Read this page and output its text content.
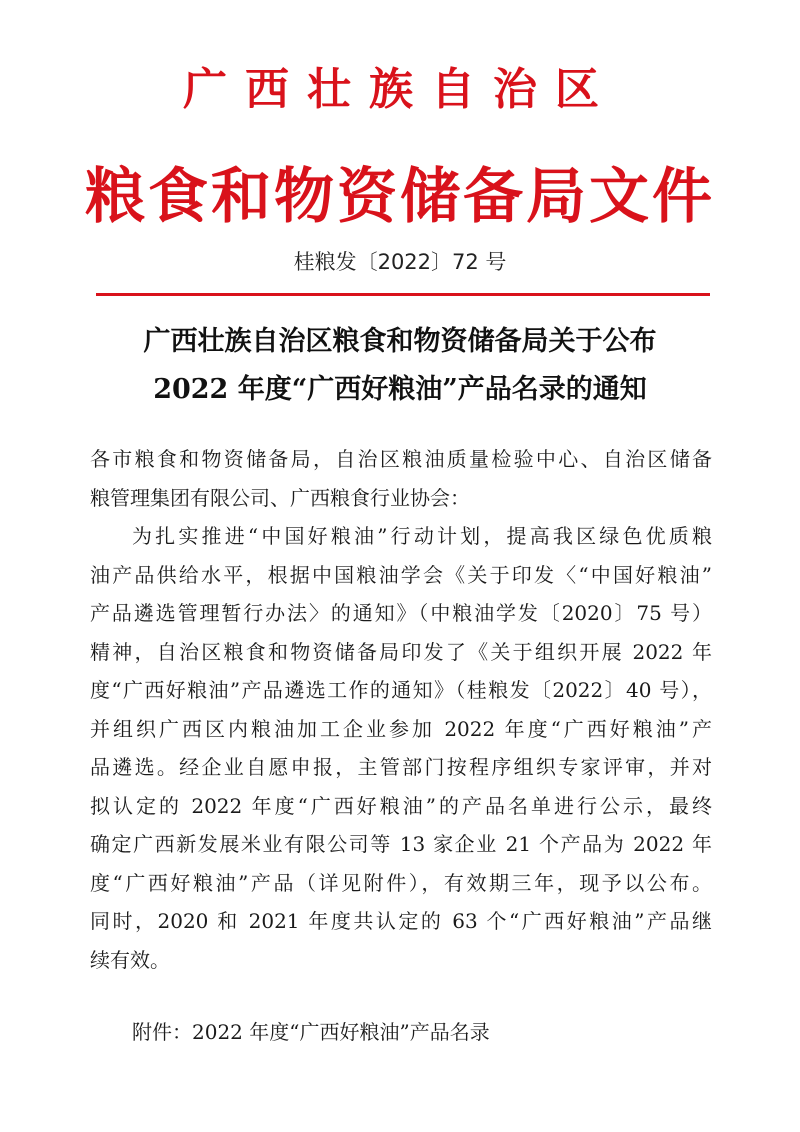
广西壮族自治区
粮食和物资储备局文件
桂粮发〔2022〕72 号
广西壮族自治区粮食和物资储备局关于公布
2022 年度“广西好粮油”产品名录的通知
各市粮食和物资储备局，自治区粮油质量检验中心、自治区储备
粮管理集团有限公司、广西粮食行业协会：
为扎实推进“中国好粮油”行动计划，提高我区绿色优质粮
油产品供给水平，根据中国粮油学会《关于印发〈“中国好粮油”
产品遴选管理暂行办法〉的通知》（中粮油学发〔2020〕75 号）
精神，自治区粮食和物资储备局印发了《关于组织开展 2022 年
度“广西好粮油”产品遴选工作的通知》（桂粮发〔2022〕40 号），
并组织广西区内粮油加工企业参加 2022 年度“广西好粮油”产
品遴选。经企业自愿申报，主管部门按程序组织专家评审，并对
拟认定的 2022 年度“广西好粮油”的产品名单进行公示，最终
确定广西新发展米业有限公司等 13 家企业 21 个产品为 2022 年
度“广西好粮油”产品（详见附件），有效期三年，现予以公布。
同时，2020 和 2021 年度共认定的 63 个“广西好粮油”产品继
续有效。
附件：2022 年度“广西好粮油”产品名录
